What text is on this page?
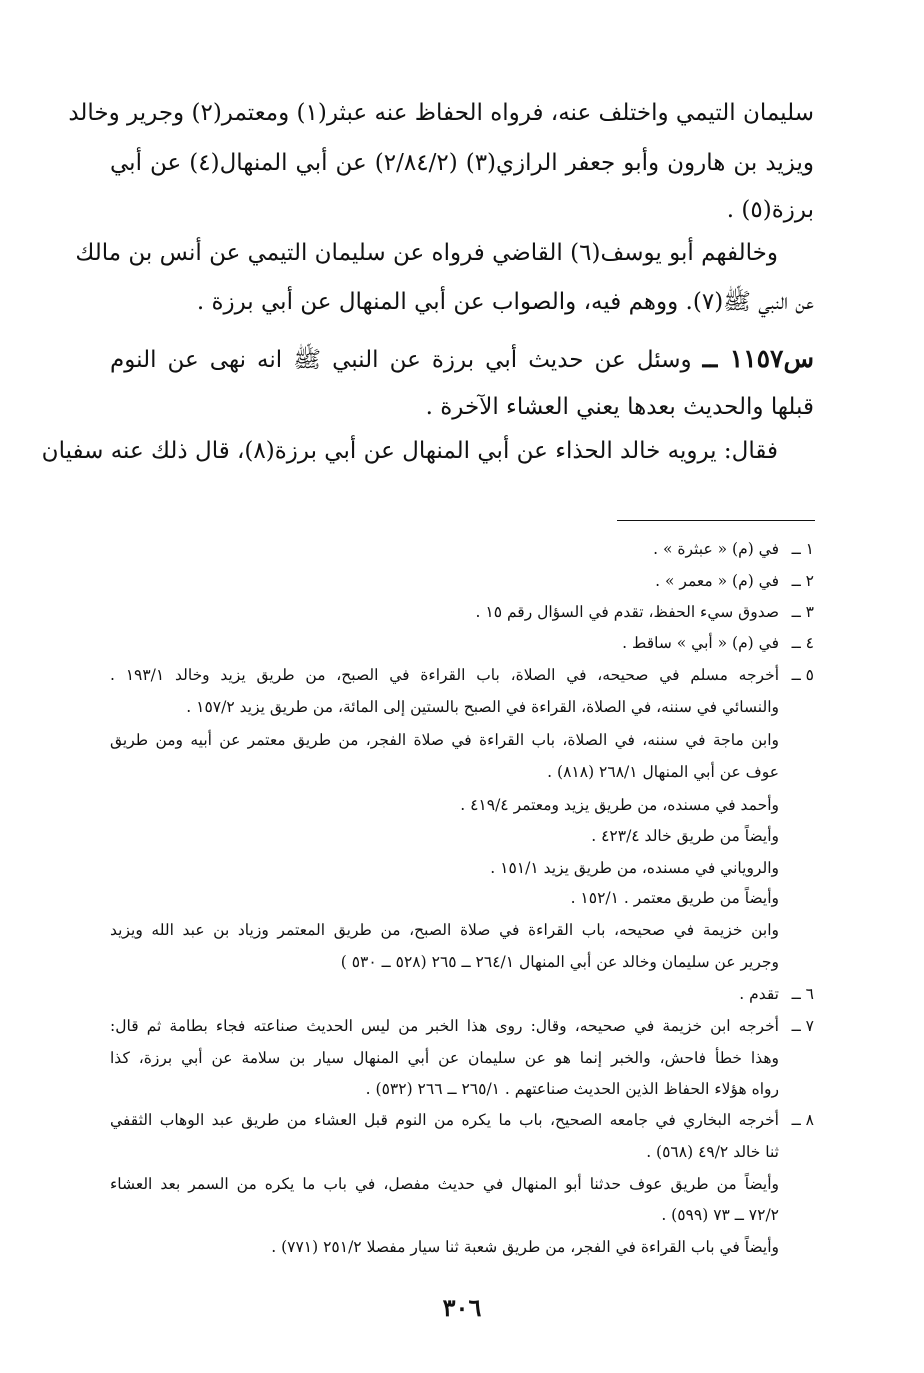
سليمان التيمي واختلف عنه، فرواه الحفاظ عنه عبثر(١) ومعتمر(٢) وجرير وخالد
ويزيد بن هارون وأبو جعفر الرازي(٣) (٢/٨٤/٢) عن أبي المنهال(٤) عن أبي
برزة(٥) .
وخالفهم أبو يوسف(٦) القاضي فرواه عن سليمان التيمي عن أنس بن مالك
عن النبي ﷺ(٧). ووهم فيه، والصواب عن أبي المنهال عن أبي برزة .
س١١٥٧ ــ وسئل عن حديث أبي برزة عن النبي ﷺ انه نهى عن النوم
قبلها والحديث بعدها يعني العشاء الآخرة .
فقال: يرويه خالد الحذاء عن أبي المنهال عن أبي برزة(٨)، قال ذلك عنه سفيان
١ ــ
في (م) « عبثرة » .
٢ ــ
في (م) « معمر » .
٣ ــ
صدوق سيء الحفظ، تقدم في السؤال رقم ١٥ .
٤ ــ
في (م) « أبي » ساقط .
٥ ــ
أخرجه مسلم في صحيحه، في الصلاة، باب القراءة في الصبح، من طريق يزيد وخالد ١٩٣/١ .
والنسائي في سننه، في الصلاة، القراءة في الصبح بالستين إلى المائة، من طريق يزيد ١٥٧/٢ .
وابن ماجة في سننه، في الصلاة، باب القراءة في صلاة الفجر، من طريق معتمر عن أبيه ومن طريق
عوف عن أبي المنهال ٢٦٨/١ (٨١٨) .
وأحمد في مسنده، من طريق يزيد ومعتمر ٤١٩/٤ .
وأيضاً من طريق خالد ٤٢٣/٤ .
والروياني في مسنده، من طريق يزيد ١٥١/١ .
وأيضاً من طريق معتمر . ١٥٢/١ .
وابن خزيمة في صحيحه، باب القراءة في صلاة الصبح، من طريق المعتمر وزياد بن عبد الله ويزيد
وجرير عن سليمان وخالد عن أبي المنهال ٢٦٤/١ ــ ٢٦٥ (٥٢٨ ــ ٥٣٠ )
٦ ــ
تقدم .
٧ ــ
أخرجه ابن خزيمة في صحيحه، وقال: روى هذا الخبر من ليس الحديث صناعته فجاء بطامة ثم قال:
وهذا خطأ فاحش، والخبر إنما هو عن سليمان عن أبي المنهال سيار بن سلامة عن أبي برزة، كذا
رواه هؤلاء الحفاظ الذين الحديث صناعتهم . ٢٦٥/١ ــ ٢٦٦ (٥٣٢) .
٨ ــ
أخرجه البخاري في جامعه الصحيح، باب ما يكره من النوم قبل العشاء من طريق عبد الوهاب الثقفي
ثنا خالد ٤٩/٢ (٥٦٨) .
وأيضاً من طريق عوف حدثنا أبو المنهال في حديث مفصل، في باب ما يكره من السمر بعد العشاء
٧٢/٢ ــ ٧٣ (٥٩٩) .
وأيضاً في باب القراءة في الفجر، من طريق شعبة ثنا سيار مفصلا ٢٥١/٢ (٧٧١) .
٣٠٦
